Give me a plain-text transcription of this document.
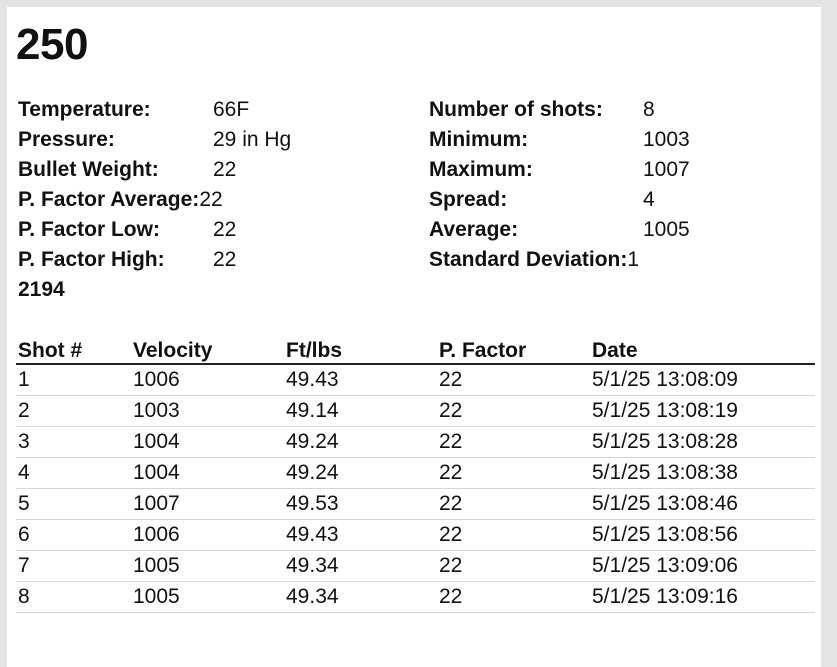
250
Temperature:	66F
Pressure:	29 in Hg
Bullet Weight:	22
P. Factor Average: 22
P. Factor Low:	22
P. Factor High:	22
Number of shots:	8
Minimum:	1003
Maximum:	1007
Spread:	4
Average:	1005
Standard Deviation: 1
2194
Shot #	Velocity	Ft/lbs	P. Factor	Date
1	1006	49.43	22	5/1/25 13:08:09
2	1003	49.14	22	5/1/25 13:08:19
3	1004	49.24	22	5/1/25 13:08:28
4	1004	49.24	22	5/1/25 13:08:38
5	1007	49.53	22	5/1/25 13:08:46
6	1006	49.43	22	5/1/25 13:08:56
7	1005	49.34	22	5/1/25 13:09:06
8	1005	49.34	22	5/1/25 13:09:16
